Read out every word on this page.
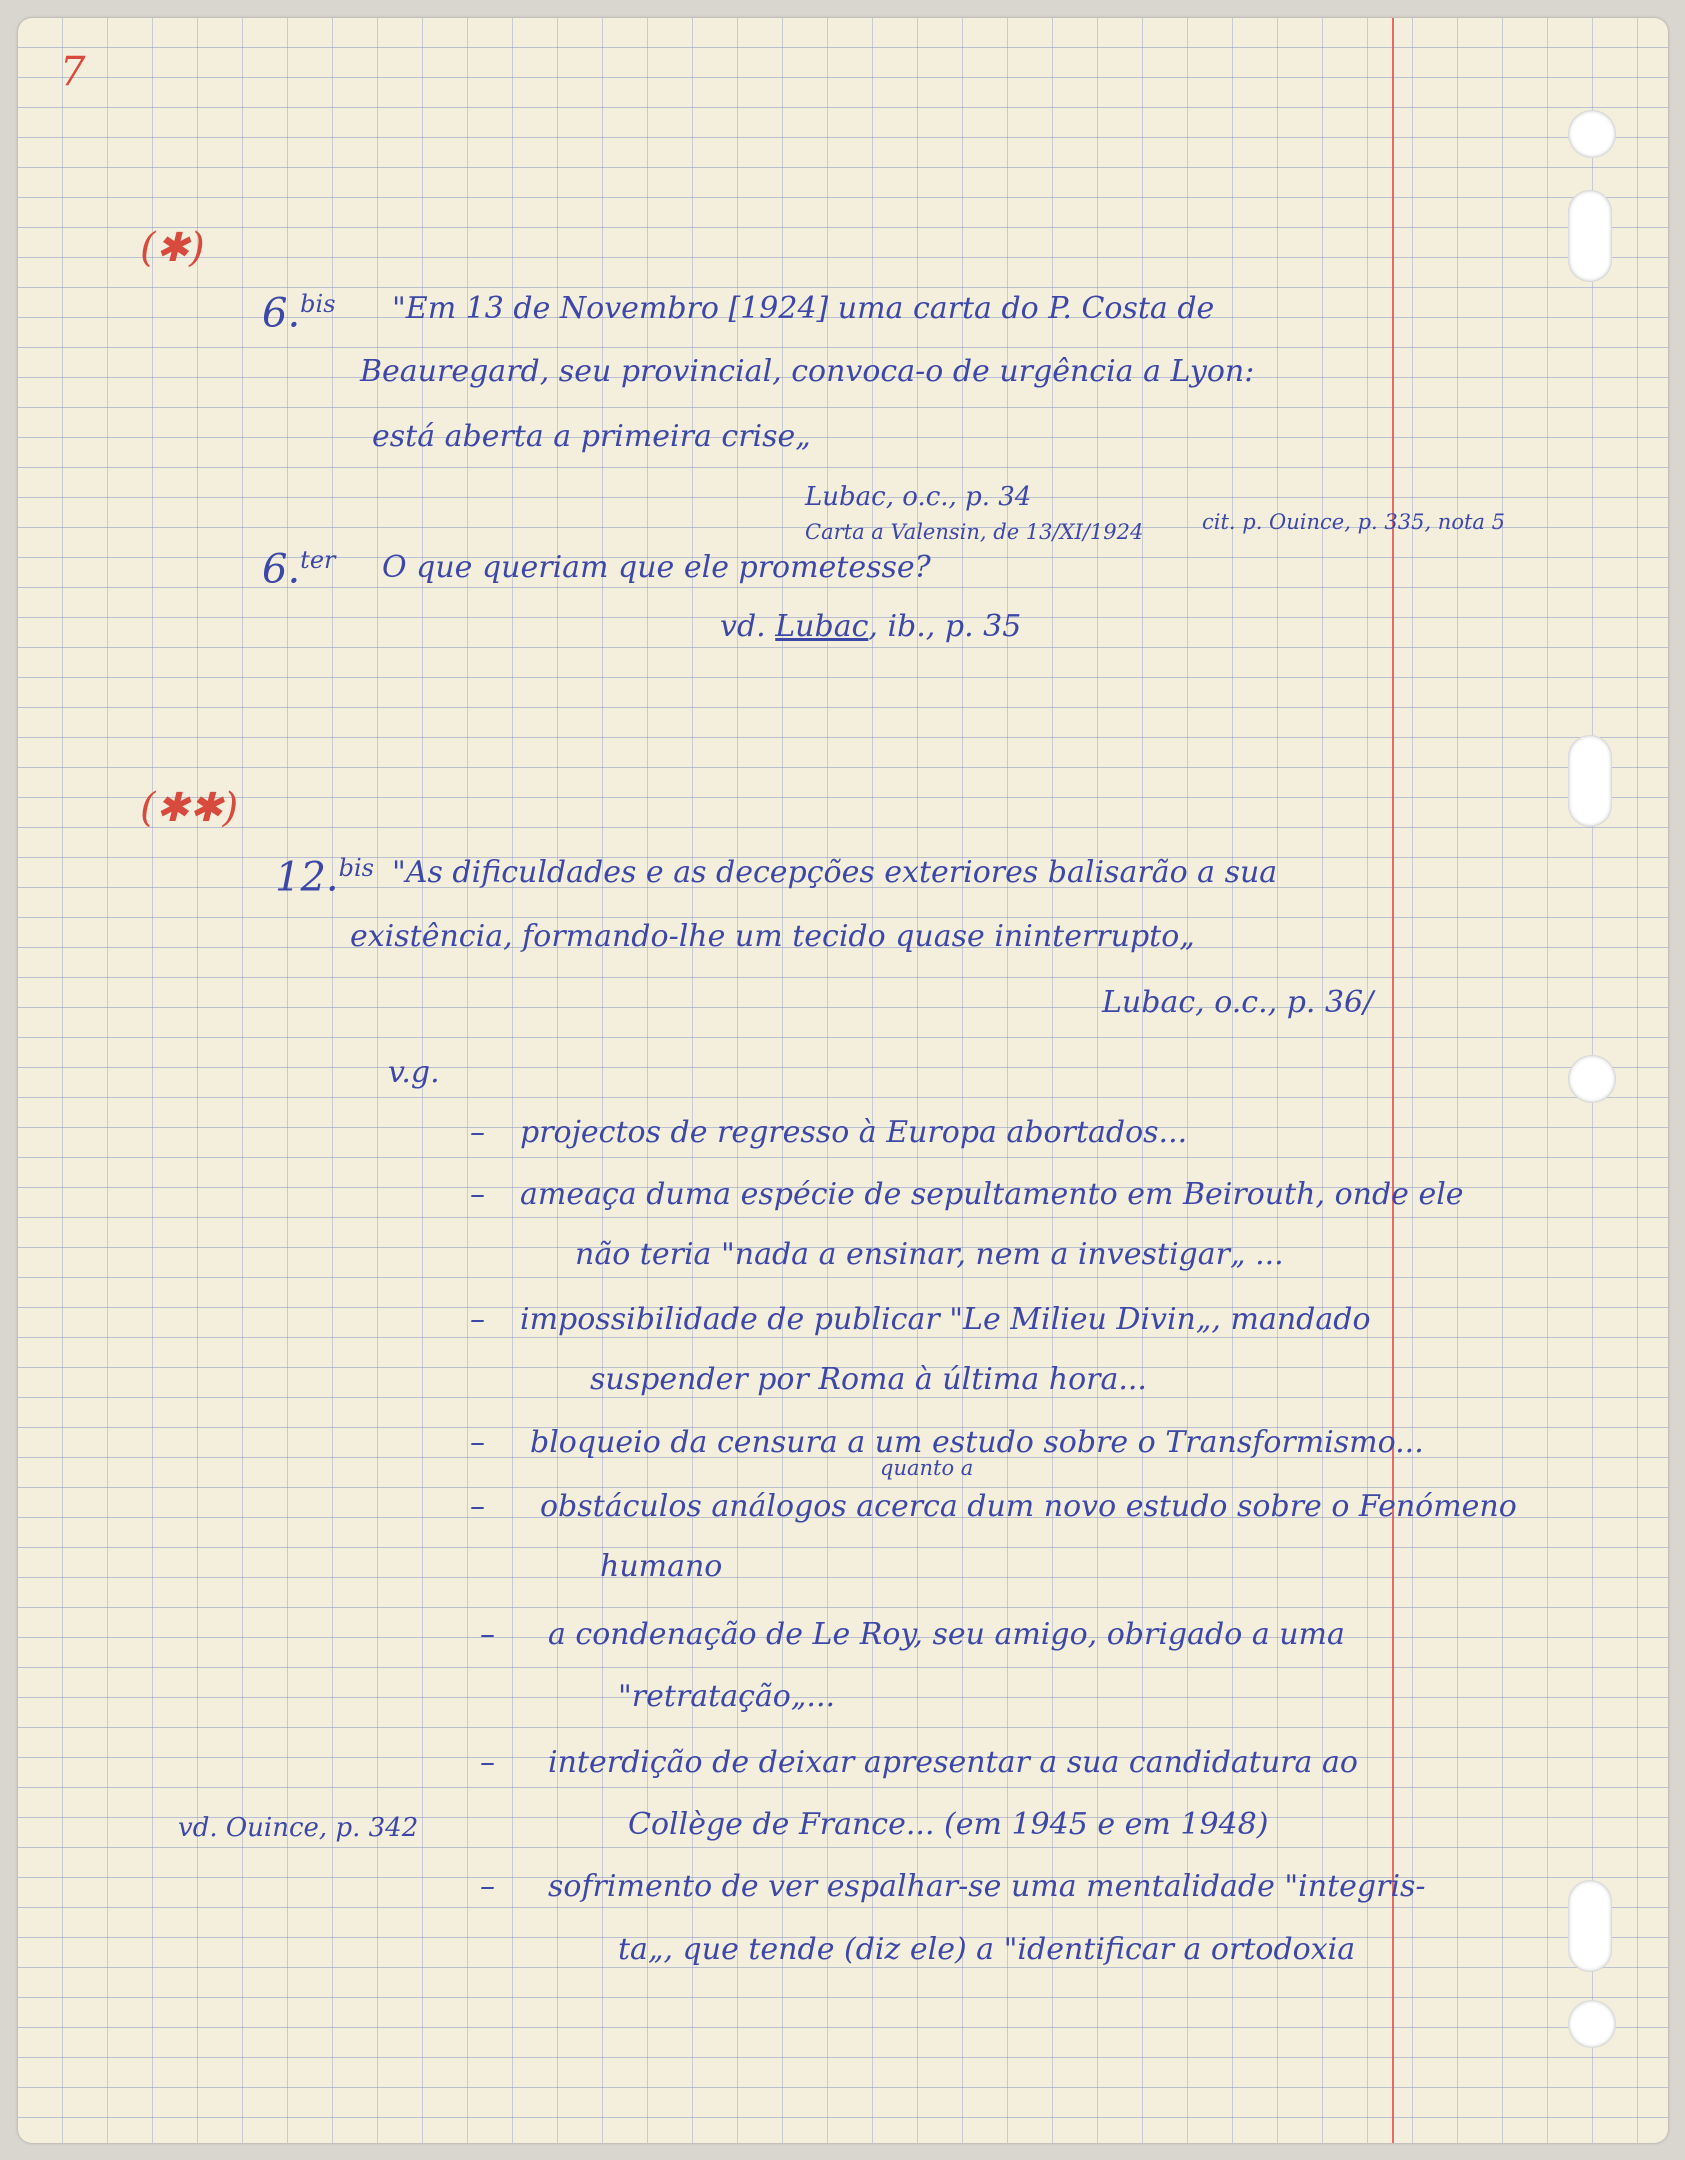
7
(✱)
6.$^{bis}$ "Em 13 de Novembro [1924] uma carta do P. Costa de
Beauregard, seu provincial, convoca-o de urgência a Lyon:
está aberta a primeira crise„
Lubac, o.c., p. 34
Carta a Valensin, de 13/XI/1924	cit. p. Ouince, p. 335, nota 5
6.$^{ter}$ O que queriam que ele prometesse?
vd. Lubac, ib., p. 35
(✱✱)
12.$^{bis}$ "As dificuldades e as decepções exteriores balisarão a sua
existência, formando-lhe um tecido quase ininterrupto„
Lubac, o.c., p. 36/
v.g.
– projectos de regresso à Europa abortados...
– ameaça duma espécie de sepultamento em Beirouth, onde ele
não teria "nada a ensinar, nem a investigar„ ...
– impossibilidade de publicar "Le Milieu Divin„, mandado
suspender por Roma à última hora...
– bloqueio da censura a um estudo sobre o Transformismo...
quanto a
– obstáculos análogos acerca dum novo estudo sobre o Fenómeno
humano
– a condenação de Le Roy, seu amigo, obrigado a uma
"retratação„...
– interdição de deixar apresentar a sua candidatura ao
Collège de France... (em 1945 e em 1948)
– sofrimento de ver espalhar-se uma mentalidade "integris-
ta„, que tende (diz ele) a "identificar a ortodoxia
vd. Ouince, p. 342
